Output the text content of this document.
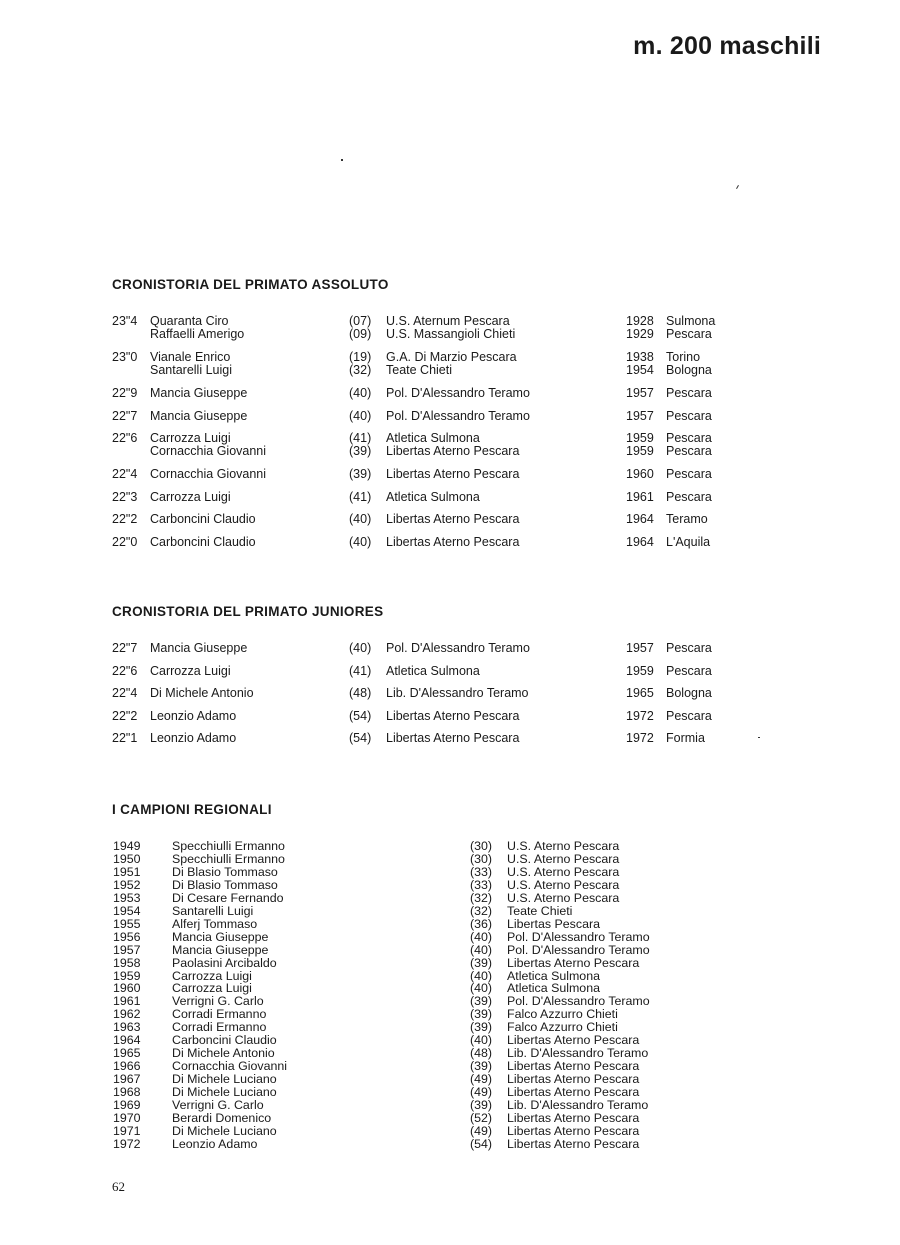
m. 200 maschili
CRONISTORIA DEL PRIMATO ASSOLUTO
23"4 Quaranta Ciro	(07) U.S. Aternum Pescara	1928 Sulmona
Raffaelli Amerigo	(09) U.S. Massangioli Chieti	1929 Pescara
23"0 Vianale Enrico	(19) G.A. Di Marzio Pescara	1938 Torino
Santarelli Luigi	(32) Teate Chieti	1954 Bologna
22"9 Mancia Giuseppe	(40) Pol. D'Alessandro Teramo	1957 Pescara
22"7 Mancia Giuseppe	(40) Pol. D'Alessandro Teramo	1957 Pescara
22"6 Carrozza Luigi	(41) Atletica Sulmona	1959 Pescara
Cornacchia Giovanni	(39) Libertas Aterno Pescara	1959 Pescara
22"4 Cornacchia Giovanni	(39) Libertas Aterno Pescara	1960 Pescara
22"3 Carrozza Luigi	(41) Atletica Sulmona	1961 Pescara
22"2 Carboncini Claudio	(40) Libertas Aterno Pescara	1964 Teramo
22"0 Carboncini Claudio	(40) Libertas Aterno Pescara	1964 L'Aquila
CRONISTORIA DEL PRIMATO JUNIORES
22"7 Mancia Giuseppe	(40) Pol. D'Alessandro Teramo	1957 Pescara
22"6 Carrozza Luigi	(41) Atletica Sulmona	1959 Pescara
22"4 Di Michele Antonio	(48) Lib. D'Alessandro Teramo	1965 Bologna
22"2 Leonzio Adamo	(54) Libertas Aterno Pescara	1972 Pescara
22"1 Leonzio Adamo	(54) Libertas Aterno Pescara	1972 Formia
I CAMPIONI REGIONALI
1949	Specchiulli Ermanno	(30) U.S. Aterno Pescara
1950	Specchiulli Ermanno	(30) U.S. Aterno Pescara
1951	Di Blasio Tommaso	(33) U.S. Aterno Pescara
1952	Di Blasio Tommaso	(33) U.S. Aterno Pescara
1953	Di Cesare Fernando	(32) U.S. Aterno Pescara
1954	Santarelli Luigi	(32) Teate Chieti
1955	Alferj Tommaso	(36) Libertas Pescara
1956	Mancia Giuseppe	(40) Pol. D'Alessandro Teramo
1957	Mancia Giuseppe	(40) Pol. D'Alessandro Teramo
1958	Paolasini Arcibaldo	(39) Libertas Aterno Pescara
1959	Carrozza Luigi	(40) Atletica Sulmona
1960	Carrozza Luigi	(40) Atletica Sulmona
1961	Verrigni G. Carlo	(39) Pol. D'Alessandro Teramo
1962	Corradi Ermanno	(39) Falco Azzurro Chieti
1963	Corradi Ermanno	(39) Falco Azzurro Chieti
1964	Carboncini Claudio	(40) Libertas Aterno Pescara
1965	Di Michele Antonio	(48) Lib. D'Alessandro Teramo
1966	Cornacchia Giovanni	(39) Libertas Aterno Pescara
1967	Di Michele Luciano	(49) Libertas Aterno Pescara
1968	Di Michele Luciano	(49) Libertas Aterno Pescara
1969	Verrigni G. Carlo	(39) Lib. D'Alessandro Teramo
1970	Berardi Domenico	(52) Libertas Aterno Pescara
1971	Di Michele Luciano	(49) Libertas Aterno Pescara
1972	Leonzio Adamo	(54) Libertas Aterno Pescara
62
